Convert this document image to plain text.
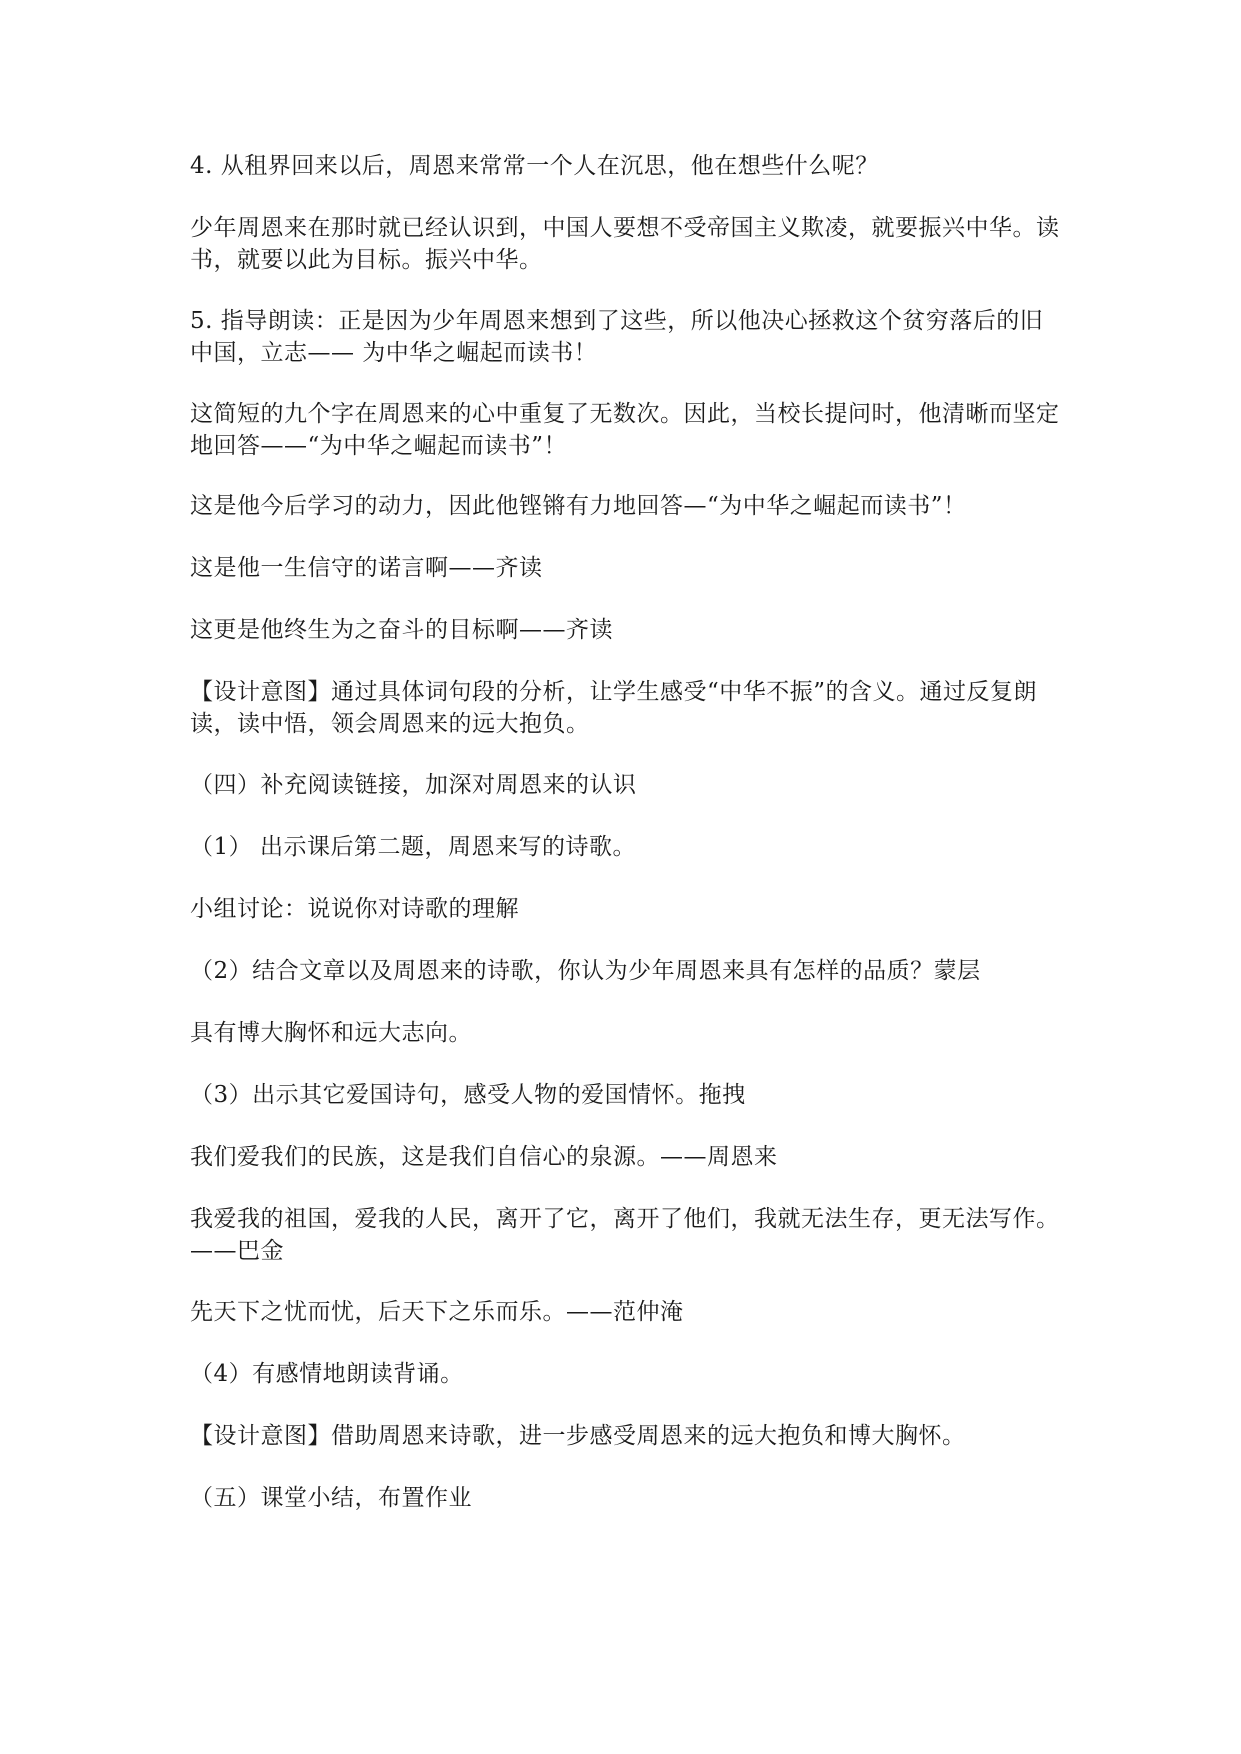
4. 从租界回来以后，周恩来常常一个人在沉思，他在想些什么呢？

少年周恩来在那时就已经认识到，中国人要想不受帝国主义欺凌，就要振兴中华。读书，就要以此为目标。振兴中华。

5. 指导朗读：正是因为少年周恩来想到了这些，所以他决心拯救这个贫穷落后的旧中国，立志—— 为中华之崛起而读书！

这简短的九个字在周恩来的心中重复了无数次。因此，当校长提问时，他清晰而坚定地回答——“为中华之崛起而读书”！

这是他今后学习的动力，因此他铿锵有力地回答—“为中华之崛起而读书”！

这是他一生信守的诺言啊——齐读

这更是他终生为之奋斗的目标啊——齐读

【设计意图】通过具体词句段的分析，让学生感受“中华不振”的含义。通过反复朗读，读中悟，领会周恩来的远大抱负。

（四）补充阅读链接，加深对周恩来的认识

（1） 出示课后第二题，周恩来写的诗歌。

小组讨论：说说你对诗歌的理解

（2）结合文章以及周恩来的诗歌，你认为少年周恩来具有怎样的品质？蒙层

具有博大胸怀和远大志向。

（3）出示其它爱国诗句，感受人物的爱国情怀。拖拽

我们爱我们的民族，这是我们自信心的泉源。——周恩来

我爱我的祖国，爱我的人民，离开了它，离开了他们，我就无法生存，更无法写作。——巴金

先天下之忧而忧，后天下之乐而乐。——范仲淹

（4）有感情地朗读背诵。

【设计意图】借助周恩来诗歌，进一步感受周恩来的远大抱负和博大胸怀。

（五）课堂小结，布置作业
